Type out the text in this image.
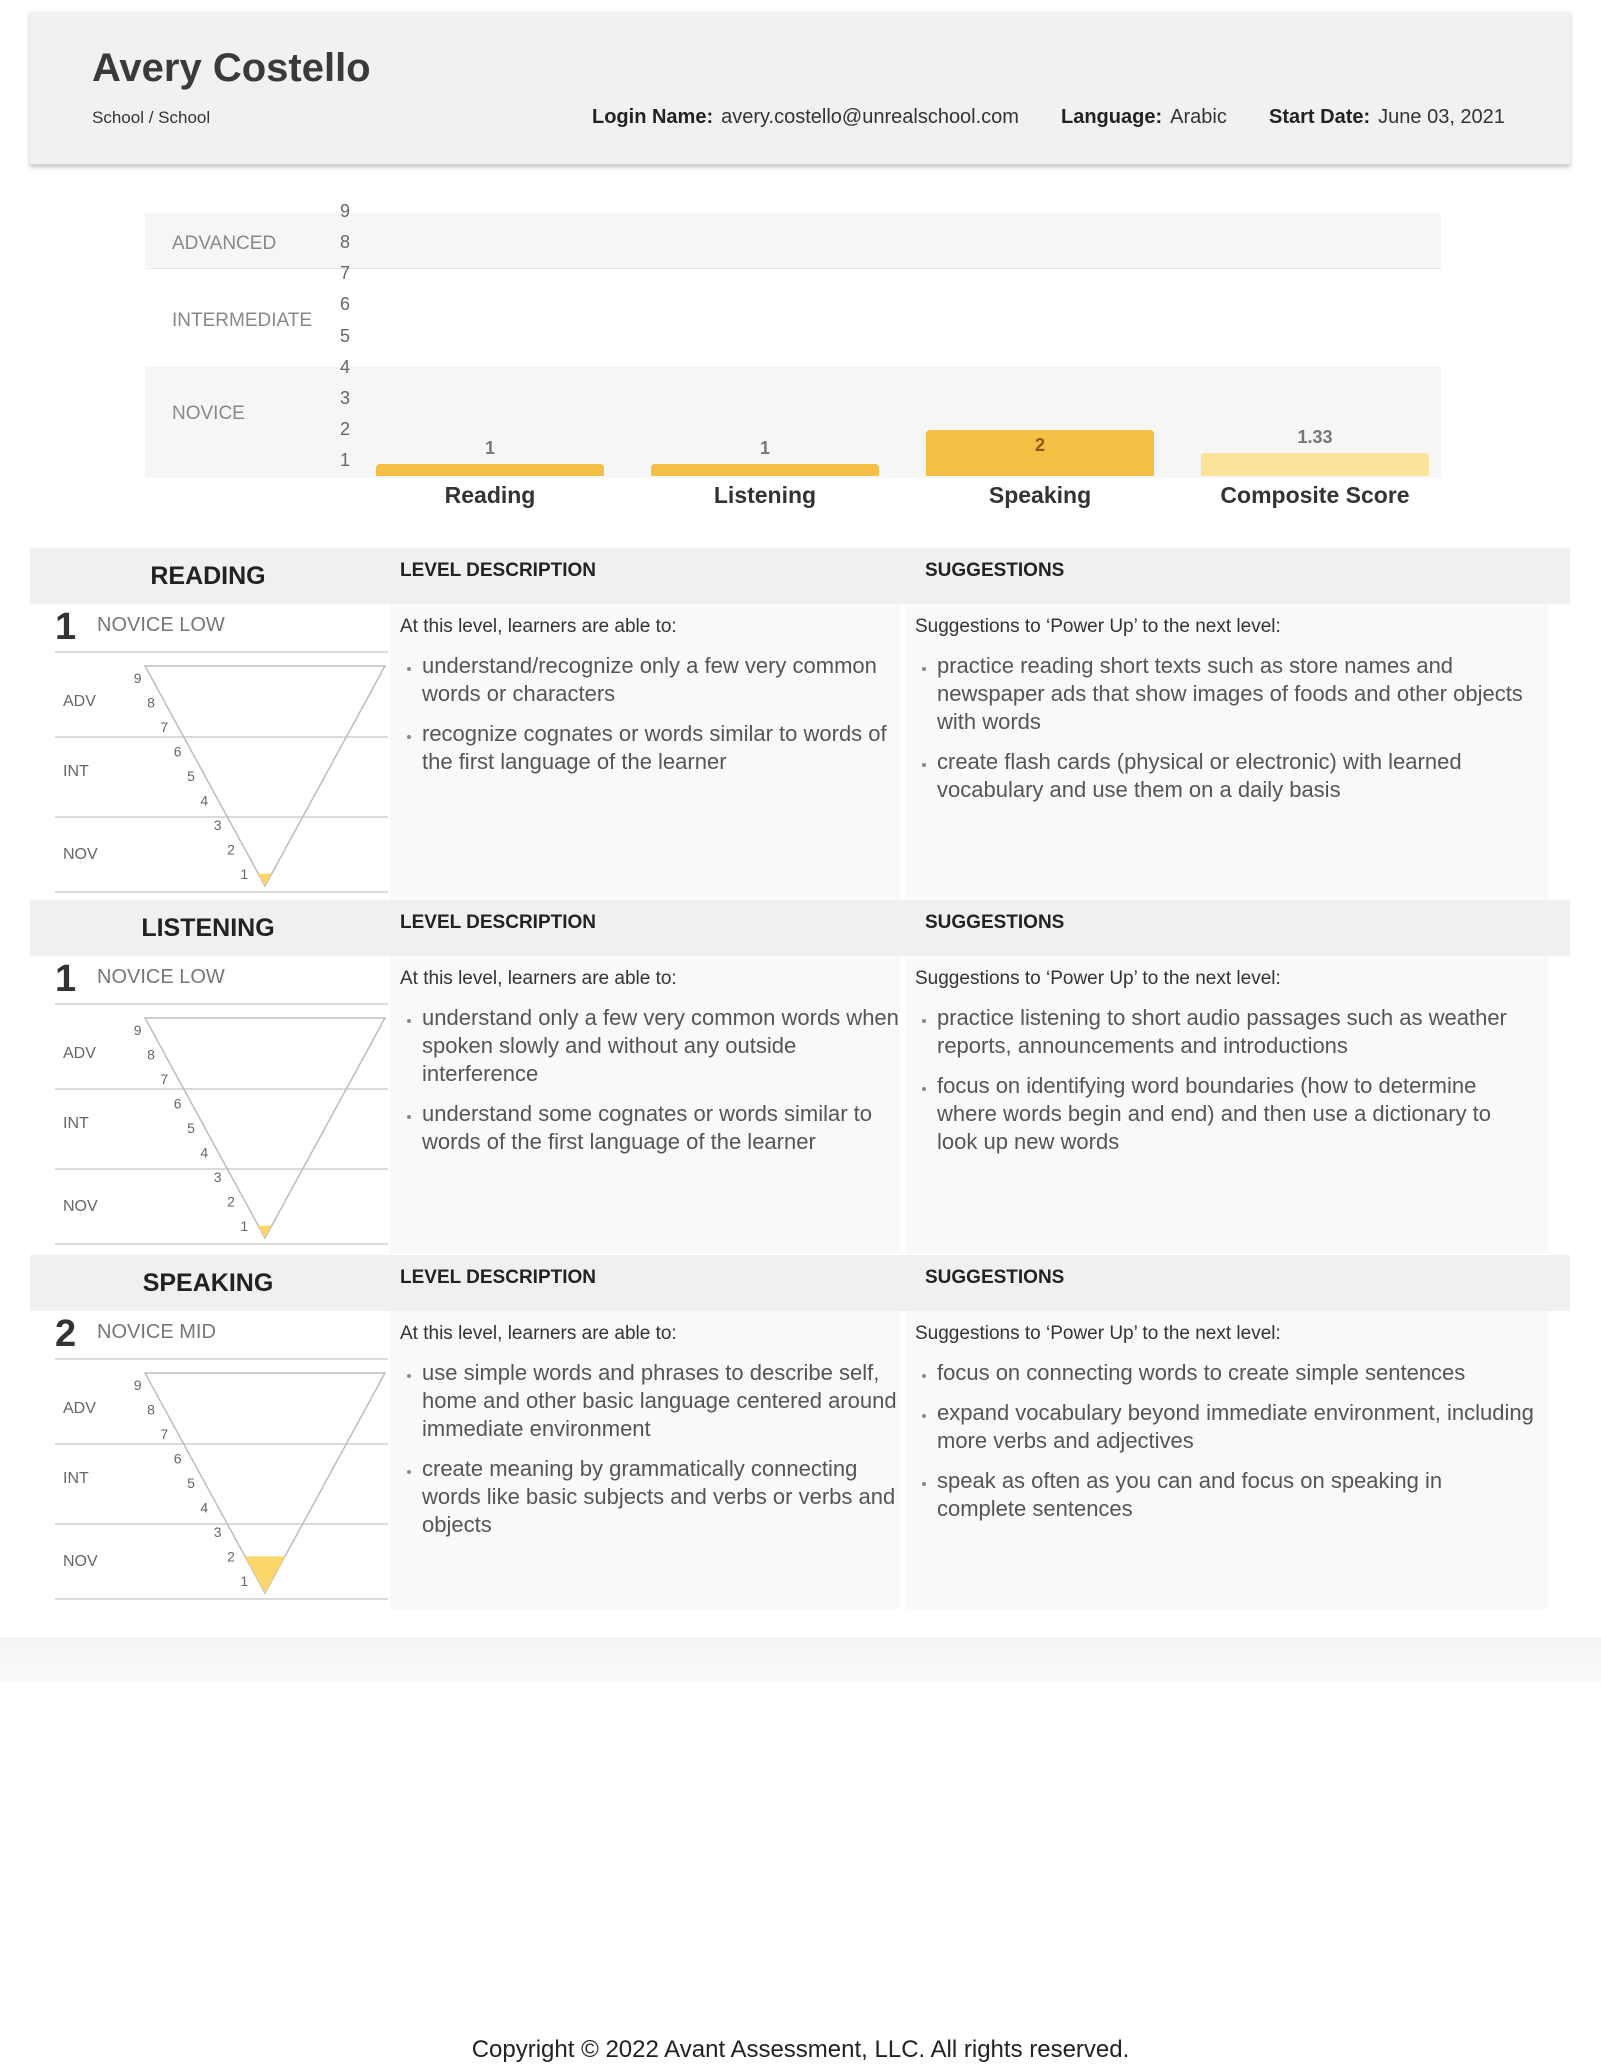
Avery Costello
School / School	Login Name: avery.costello@unrealschool.com Language: Arabic Start Date: June 03, 2021
ADVANCED
INTERMEDIATE
NOVICE
9
8
7
6
5
4
3
2
1
1
Reading
1
Listening
2
Speaking
1.33
Composite Score
READING	LEVEL DESCRIPTION	SUGGESTIONS
At this level, learners are able to:
• understand/recognize only a few very common words or characters
• recognize cognates or words similar to words of the first language of the learner
Suggestions to ‘Power Up’ to the next level:
• practice reading short texts such as store names and newspaper ads that show images of foods and other objects with words
• create flash cards (physical or electronic) with learned vocabulary and use them on a daily basis
1 NOVICE LOW
1
2
3
4
5
6
7
8
9
ADV
INT
NOV
LISTENING	LEVEL DESCRIPTION	SUGGESTIONS
At this level, learners are able to:
• understand only a few very common words when spoken slowly and without any outside interference
• understand some cognates or words similar to words of the first language of the learner
Suggestions to ‘Power Up’ to the next level:
• practice listening to short audio passages such as weather reports, announcements and introductions
• focus on identifying word boundaries (how to determine where words begin and end) and then use a dictionary to look up new words
1 NOVICE LOW
1
2
3
4
5
6
7
8
9
ADV
INT
NOV
SPEAKING	LEVEL DESCRIPTION	SUGGESTIONS
At this level, learners are able to:
• use simple words and phrases to describe self, home and other basic language centered around immediate environment
• create meaning by grammatically connecting words like basic subjects and verbs or verbs and objects
Suggestions to ‘Power Up’ to the next level:
• focus on connecting words to create simple sentences
• expand vocabulary beyond immediate environment, including more verbs and adjectives
• speak as often as you can and focus on speaking in complete sentences
2 NOVICE MID
1
2
3
4
5
6
7
8
9
ADV
INT
NOV
Copyright © 2022 Avant Assessment, LLC. All rights reserved.
